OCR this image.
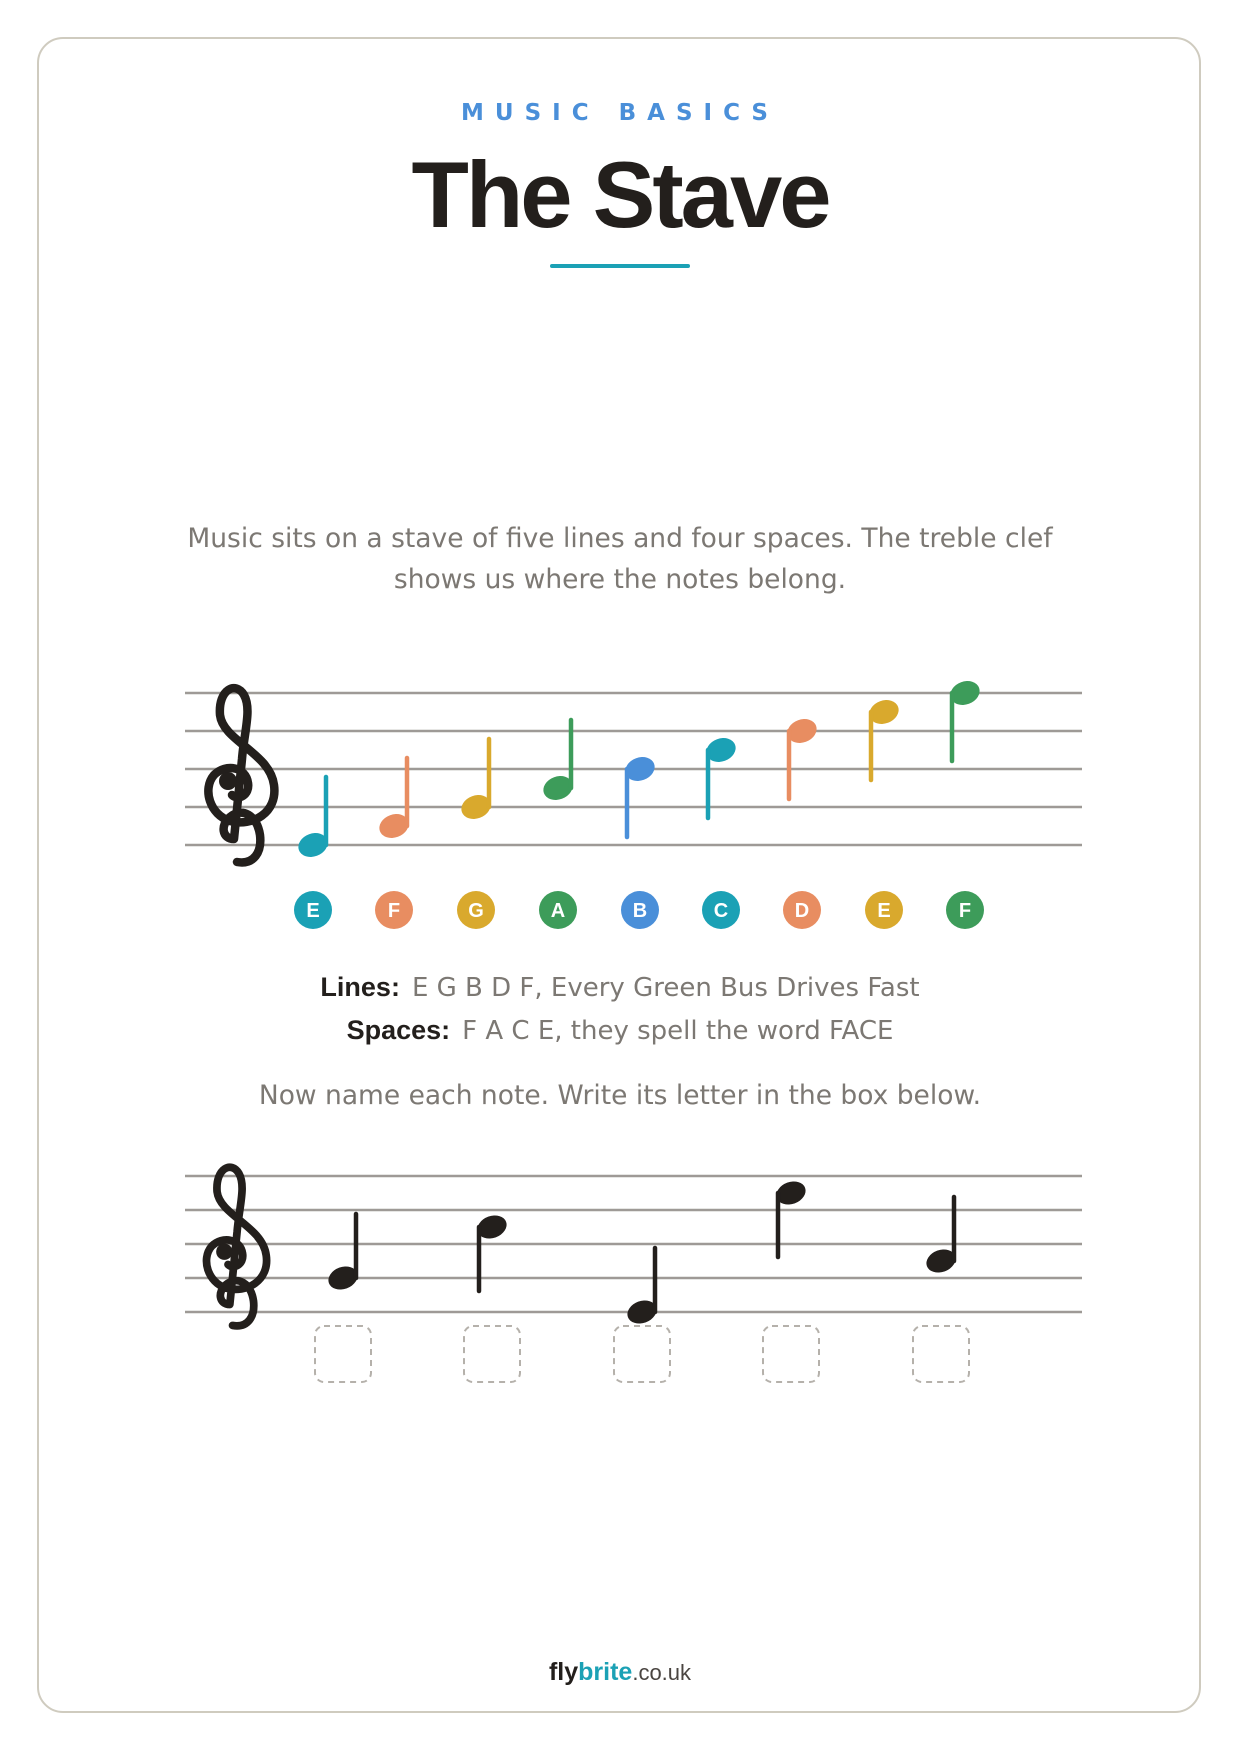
MUSIC BASICS
The Stave
Music sits on a stave of five lines and four spaces. The treble clef shows us where the notes belong.
E	F	G	A	B	C	D	E	F
Lines: E G B D F, Every Green Bus Drives Fast
Spaces: F A C E, they spell the word FACE
Now name each note. Write its letter in the box below.
flybrite.co.uk
